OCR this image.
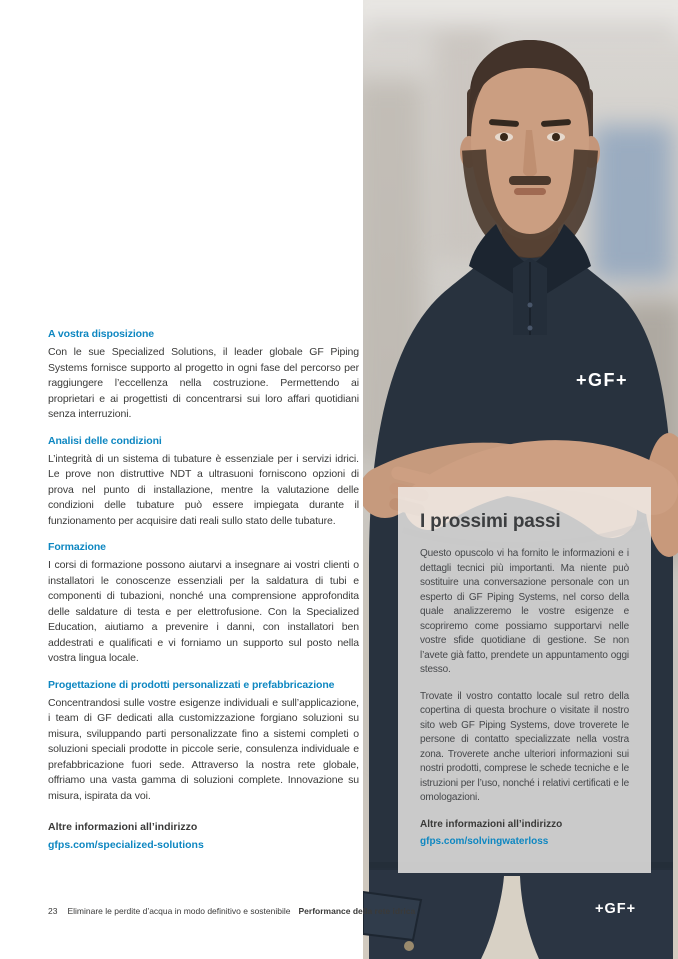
A vostra disposizione

Con le sue Specialized Solutions, il leader globale GF Piping Systems fornisce supporto al progetto in ogni fase del percorso per raggiungere l’eccellenza nella costruzione. Permettendo ai proprietari e ai progettisti di concentrarsi sui loro affari quotidiani senza interruzioni.

Analisi delle condizioni

L’integrità di un sistema di tubature è essenziale per i servizi idrici. Le prove non distruttive NDT a ultrasuoni forniscono opzioni di prova nel punto di installazione, mentre la valutazione delle condizioni delle tubature può essere impiegata durante il funzionamento per acquisire dati reali sullo stato delle tubature.

Formazione

I corsi di formazione possono aiutarvi a insegnare ai vostri clienti o installatori le conoscenze essenziali per la saldatura di tubi e componenti di tubazioni, nonché una comprensione approfondita delle saldature di testa e per elettrofusione. Con la Specialized Education, aiutiamo a prevenire i danni, con installatori ben addestrati e qualificati e vi forniamo un supporto sul posto nella vostra lingua locale.

Progettazione di prodotti personalizzati e prefabbricazione

Concentrandosi sulle vostre esigenze individuali e sull’applicazione, i team di GF dedicati alla customizzazione forgiano soluzioni su misura, sviluppando parti personalizzate fino a sistemi completi o soluzioni speciali prodotte in piccole serie, consulenza individuale e prefabbricazione fuori sede. Attraverso la nostra rete globale, offriamo una vasta gamma di soluzioni complete. Innovazione su misura, ispirata da voi.

Altre informazioni all’indirizzo
gfps.com/specialized-solutions
+GF+
I prossimi passi

Questo opuscolo vi ha fornito le informazioni e i dettagli tecnici più importanti. Ma niente può sostituire una conversazione personale con un esperto di GF Piping Systems, nel corso della quale analizzeremo le vostre esigenze e scopriremo come possiamo supportarvi nelle vostre sfide quotidiane di gestione. Se non l’avete già fatto, prendete un appuntamento oggi stesso.

Trovate il vostro contatto locale sul retro della copertina di questa brochure o visitate il nostro sito web GF Piping Systems, dove troverete le persone di contatto specializzate nella vostra zona. Troverete anche ulteriori informazioni sui nostri prodotti, comprese le schede tecniche e le istruzioni per l’uso, nonché i relativi certificati e le omologazioni.

Altre informazioni all’indirizzo
gfps.com/solvingwaterloss
23 Eliminare le perdite d’acqua in modo definitivo e sostenibile Performance della rete idrica	+GF+
